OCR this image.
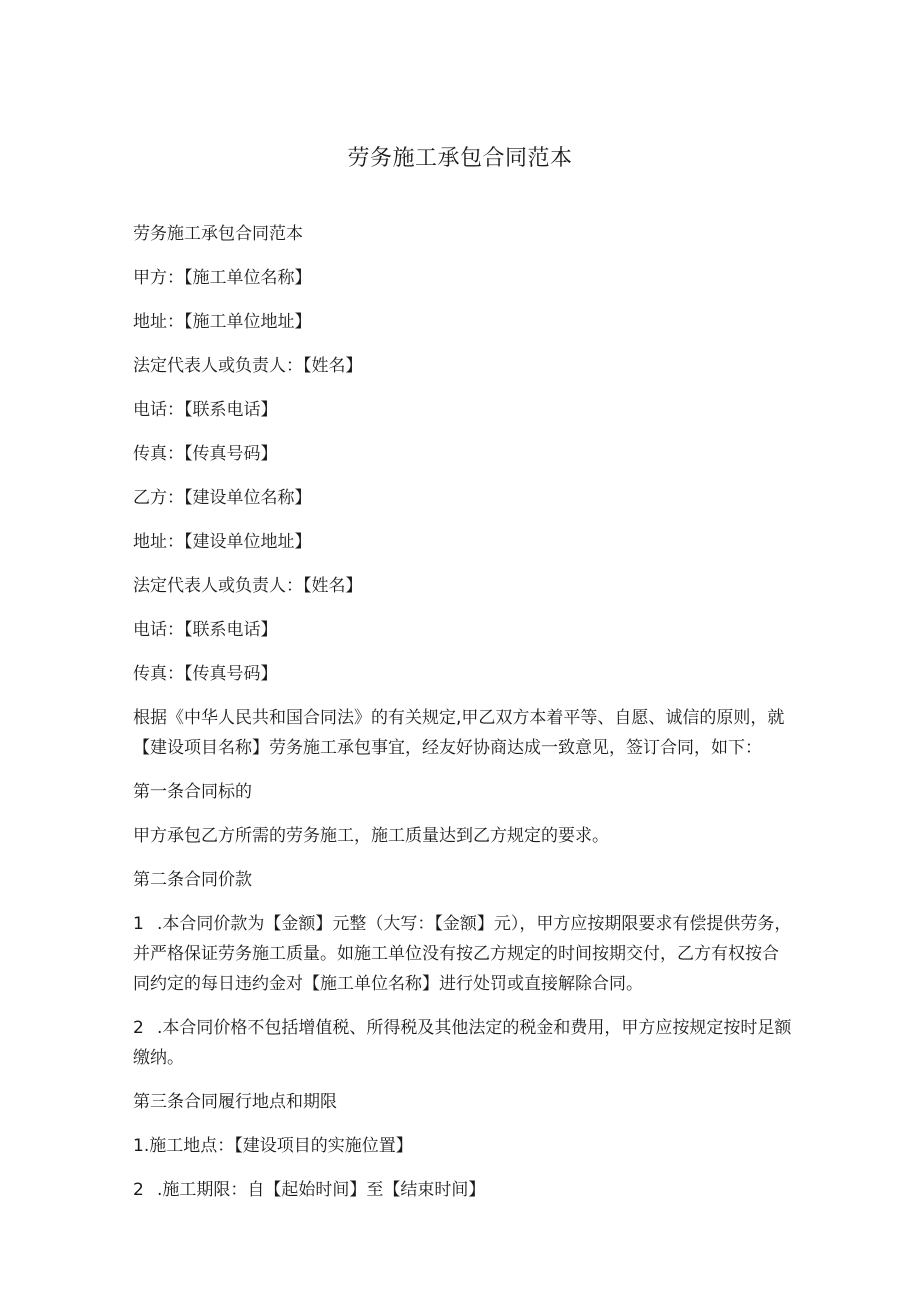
劳务施工承包合同范本

劳务施工承包合同范本

甲方：【施工单位名称】

地址：【施工单位地址】

法定代表人或负责人：【姓名】

电话：【联系电话】

传真：【传真号码】

乙方：【建设单位名称】

地址：【建设单位地址】

法定代表人或负责人：【姓名】

电话：【联系电话】

传真：【传真号码】

根据《中华人民共和国合同法》的有关规定,甲乙双方本着平等、自愿、诚信的原则，就【建设项目名称】劳务施工承包事宜，经友好协商达成一致意见，签订合同，如下：

第一条合同标的

甲方承包乙方所需的劳务施工，施工质量达到乙方规定的要求。

第二条合同价款

1 .本合同价款为【金额】元整（大写：【金额】元），甲方应按期限要求有偿提供劳务，并严格保证劳务施工质量。如施工单位没有按乙方规定的时间按期交付，乙方有权按合同约定的每日违约金对【施工单位名称】进行处罚或直接解除合同。

2 .本合同价格不包括增值税、所得税及其他法定的税金和费用，甲方应按规定按时足额缴纳。

第三条合同履行地点和期限

1.施工地点：【建设项目的实施位置】

2 .施工期限：自【起始时间】至【结束时间】
